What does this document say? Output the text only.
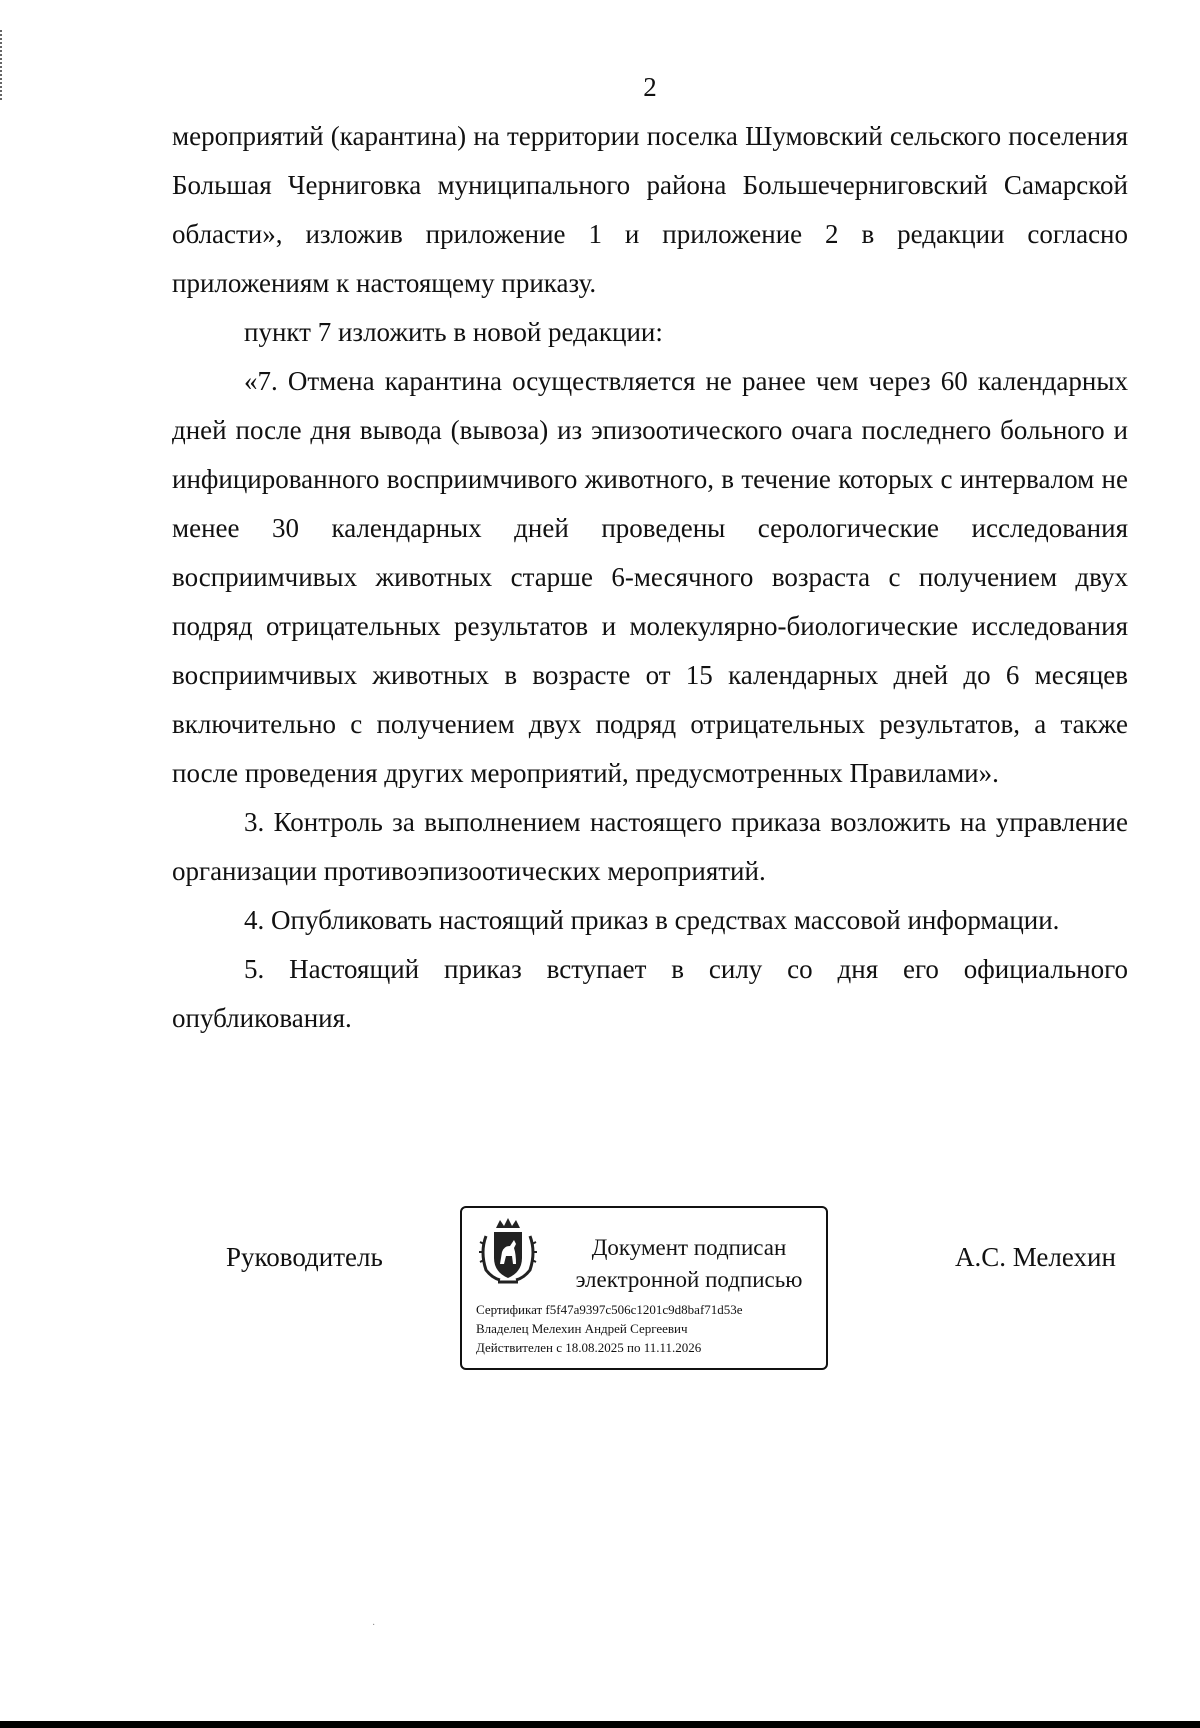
2

мероприятий (карантина) на территории поселка Шумовский сельского поселения Большая Черниговка муниципального района Большечерниговский Самарской области», изложив приложение 1 и приложение 2 в редакции согласно приложениям к настоящему приказу.

пункт 7 изложить в новой редакции:

«7. Отмена карантина осуществляется не ранее чем через 60 календарных дней после дня вывода (вывоза) из эпизоотического очага последнего больного и инфицированного восприимчивого животного, в течение которых с интервалом не менее 30 календарных дней проведены серологические исследования восприимчивых животных старше 6-месячного возраста с получением двух подряд отрицательных результатов и молекулярно-биологические исследования восприимчивых животных в возрасте от 15 календарных дней до 6 месяцев включительно с получением двух подряд отрицательных результатов, а также после проведения других мероприятий, предусмотренных Правилами».

3. Контроль за выполнением настоящего приказа возложить на управление организации противоэпизоотических мероприятий.

4. Опубликовать настоящий приказ в средствах массовой информации.

5. Настоящий приказ вступает в силу со дня его официального опубликования.

Руководитель	Документ подписан
электронной подписью
Сертификат f5f47a9397c506c1201c9d8baf71d53e
Владелец Мелехин Андрей Сергеевич
Действителен с 18.08.2025 по 11.11.2026
А.С. Мелехин
·
